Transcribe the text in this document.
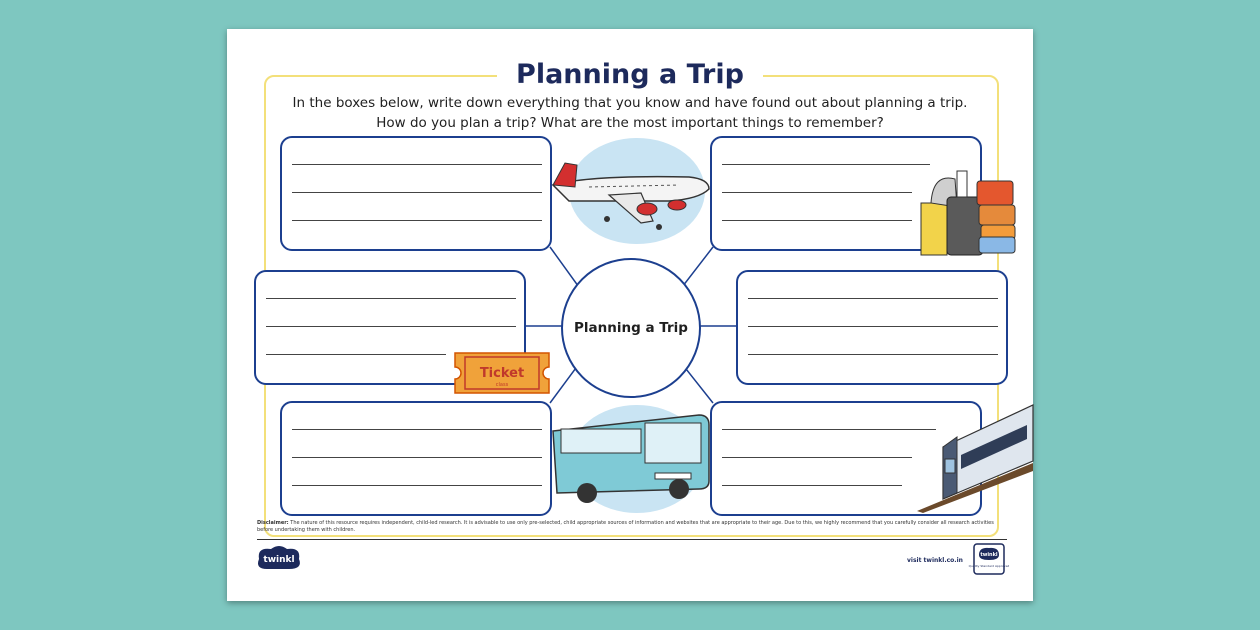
Planning a Trip

In the boxes below, write down everything that you know and have found out about planning a trip.
How do you plan a trip? What are the most important things to remember?

Planning a Trip
Ticket
class

Disclaimer: The nature of this resource requires independent, child-led research. It is advisable to use only pre-selected, child appropriate sources of information and websites that are appropriate to their age. Due to this, we highly recommend that you carefully consider all research activities before undertaking them with children.

twinkl	visit twinkl.co.in
twinkl
Quality Standard Approved
